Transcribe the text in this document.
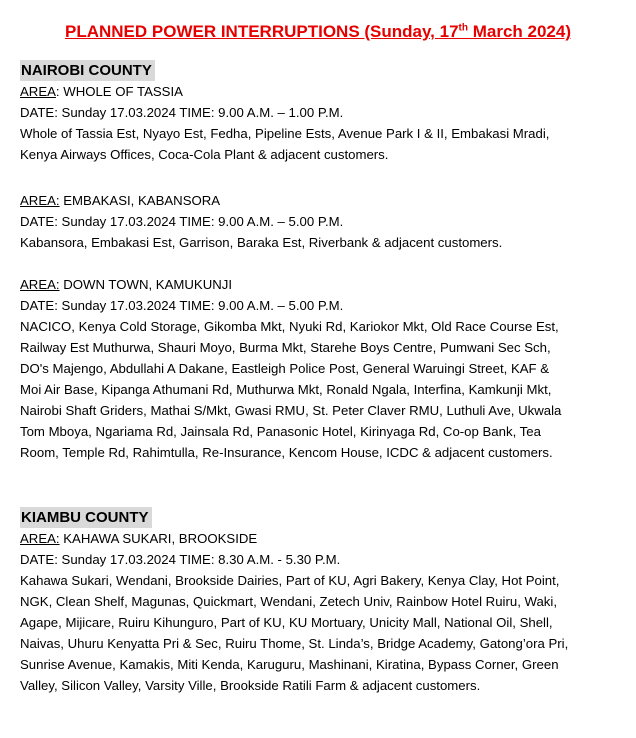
PLANNED POWER INTERRUPTIONS (Sunday, 17th March 2024)
NAIROBI COUNTY
AREA: WHOLE OF TASSIA
DATE: Sunday 17.03.2024 TIME: 9.00 A.M. – 1.00 P.M.
Whole of Tassia Est, Nyayo Est, Fedha, Pipeline Ests, Avenue Park I & II, Embakasi Mradi,
Kenya Airways Offices, Coca-Cola Plant & adjacent customers.
AREA: EMBAKASI, KABANSORA
DATE: Sunday 17.03.2024 TIME: 9.00 A.M. – 5.00 P.M.
Kabansora, Embakasi Est, Garrison, Baraka Est, Riverbank & adjacent customers.
AREA: DOWN TOWN, KAMUKUNJI
DATE: Sunday 17.03.2024 TIME: 9.00 A.M. – 5.00 P.M.
NACICO, Kenya Cold Storage, Gikomba Mkt, Nyuki Rd, Kariokor Mkt, Old Race Course Est,
Railway Est Muthurwa, Shauri Moyo, Burma Mkt, Starehe Boys Centre, Pumwani Sec Sch,
DO's Majengo, Abdullahi A Dakane, Eastleigh Police Post, General Waruingi Street, KAF &
Moi Air Base, Kipanga Athumani Rd, Muthurwa Mkt, Ronald Ngala, Interfina, Kamkunji Mkt,
Nairobi Shaft Griders, Mathai S/Mkt, Gwasi RMU, St. Peter Claver RMU, Luthuli Ave, Ukwala
Tom Mboya, Ngariama Rd, Jainsala Rd, Panasonic Hotel, Kirinyaga Rd, Co-op Bank, Tea
Room, Temple Rd, Rahimtulla, Re-Insurance, Kencom House, ICDC & adjacent customers.
KIAMBU COUNTY
AREA: KAHAWA SUKARI, BROOKSIDE
DATE: Sunday 17.03.2024 TIME: 8.30 A.M. - 5.30 P.M.
Kahawa Sukari, Wendani, Brookside Dairies, Part of KU, Agri Bakery, Kenya Clay, Hot Point,
NGK, Clean Shelf, Magunas, Quickmart, Wendani, Zetech Univ, Rainbow Hotel Ruiru, Waki,
Agape, Mijicare, Ruiru Kihunguro, Part of KU, KU Mortuary, Unicity Mall, National Oil, Shell,
Naivas, Uhuru Kenyatta Pri & Sec, Ruiru Thome, St. Linda’s, Bridge Academy, Gatong’ora Pri,
Sunrise Avenue, Kamakis, Miti Kenda, Karuguru, Mashinani, Kiratina, Bypass Corner, Green
Valley, Silicon Valley, Varsity Ville, Brookside Ratili Farm & adjacent customers.
